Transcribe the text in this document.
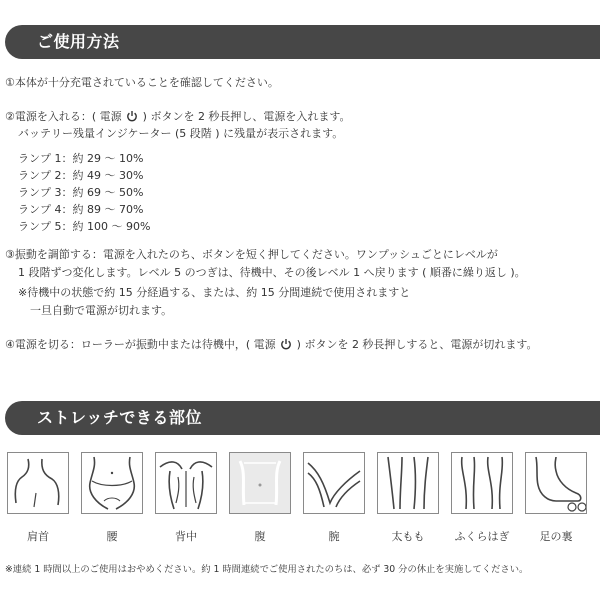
ご使用方法
①本体が十分充電されていることを確認してください。
②電源を入れる：( 電源 ) ボタンを 2 秒長押し、電源を入れます。
バッテリー残量インジケーター (5 段階 ) に残量が表示されます。
ランプ 1：約 29 ～ 10%
ランプ 2：約 49 ～ 30%
ランプ 3：約 69 ～ 50%
ランプ 4：約 89 ～ 70%
ランプ 5：約 100 ～ 90%
③振動を調節する：電源を入れたのち、ボタンを短く押してください。ワンプッシュごとにレベルが
1 段階ずつ変化します。レベル 5 のつぎは、待機中、その後レベル 1 へ戻ります ( 順番に繰り返し )。
※待機中の状態で約 15 分経過する、または、約 15 分間連続で使用されますと
一旦自動で電源が切れます。
④電源を切る：ローラーが振動中または待機中，( 電源 ) ボタンを 2 秒長押しすると、電源が切れます。
ストレッチできる部位
肩首	腰	背中	腹	腕	太もも	ふくらはぎ	足の裏
※連続 1 時間以上のご使用はおやめください。約 1 時間連続でご使用されたのちは、必ず 30 分の休止を実施してください。
